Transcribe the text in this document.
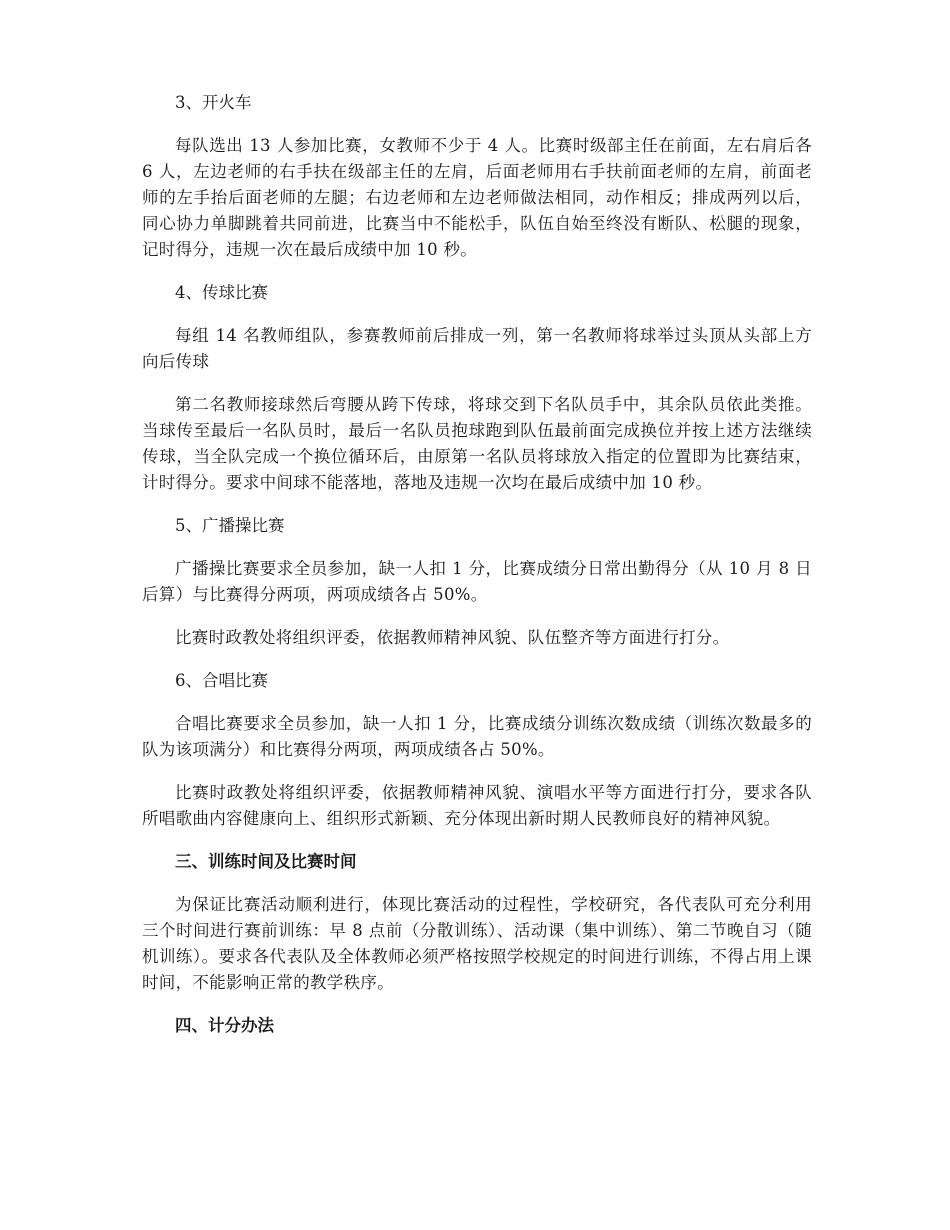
3、开火车

每队选出 13 人参加比赛，女教师不少于 4 人。比赛时级部主任在前面，左右肩后各 6 人，左边老师的右手扶在级部主任的左肩，后面老师用右手扶前面老师的左肩，前面老师的左手抬后面老师的左腿；右边老师和左边老师做法相同，动作相反；排成两列以后，同心协力单脚跳着共同前进，比赛当中不能松手，队伍自始至终没有断队、松腿的现象，记时得分，违规一次在最后成绩中加 10 秒。

4、传球比赛

每组 14 名教师组队，参赛教师前后排成一列，第一名教师将球举过头顶从头部上方向后传球

第二名教师接球然后弯腰从跨下传球，将球交到下名队员手中，其余队员依此类推。当球传至最后一名队员时，最后一名队员抱球跑到队伍最前面完成换位并按上述方法继续传球，当全队完成一个换位循环后，由原第一名队员将球放入指定的位置即为比赛结束，计时得分。要求中间球不能落地，落地及违规一次均在最后成绩中加 10 秒。

5、广播操比赛

广播操比赛要求全员参加，缺一人扣 1 分，比赛成绩分日常出勤得分（从 10 月 8 日后算）与比赛得分两项，两项成绩各占 50%。

比赛时政教处将组织评委，依据教师精神风貌、队伍整齐等方面进行打分。

6、合唱比赛

合唱比赛要求全员参加，缺一人扣 1 分，比赛成绩分训练次数成绩（训练次数最多的队为该项满分）和比赛得分两项，两项成绩各占 50%。

比赛时政教处将组织评委，依据教师精神风貌、演唱水平等方面进行打分，要求各队所唱歌曲内容健康向上、组织形式新颖、充分体现出新时期人民教师良好的精神风貌。

三、训练时间及比赛时间

为保证比赛活动顺利进行，体现比赛活动的过程性，学校研究，各代表队可充分利用三个时间进行赛前训练：早 8 点前（分散训练）、活动课（集中训练）、第二节晚自习（随机训练）。要求各代表队及全体教师必须严格按照学校规定的时间进行训练，不得占用上课时间，不能影响正常的教学秩序。

四、计分办法
